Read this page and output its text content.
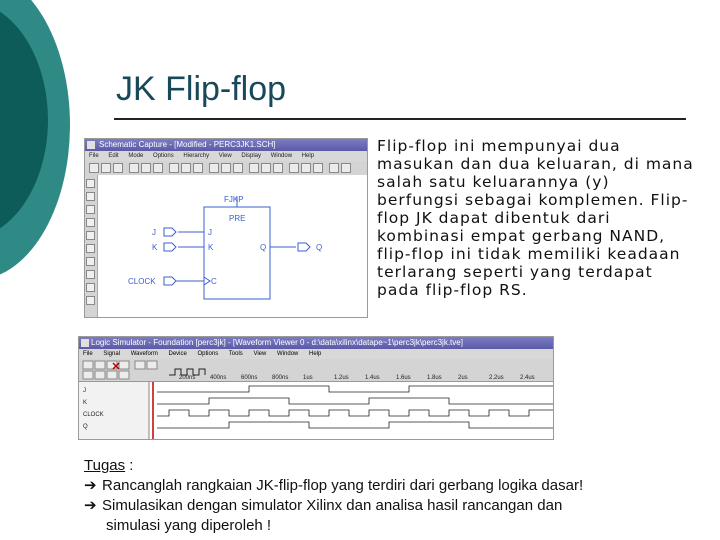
JK Flip-flop
Schematic Capture - [Modified - PERC3JK1.SCH]
File Edit Mode Options Hierarchy View Display Window Help
FJKP
PRE
J
K
C
Q
J
K
CLOCK
Q

Flip-flop ini mempunyai dua masukan dan dua keluaran, di mana salah satu keluarannya (y) berfungsi sebagai komplemen. Flip-flop JK dapat dibentuk dari kombinasi empat gerbang NAND, flip-flop ini tidak memiliki keadaan terlarang seperti yang terdapat pada flip-flop RS.

Logic Simulator - Foundation [perc3jk] - [Waveform Viewer 0 - d:\data\xilinx\datape~1\perc3jk\perc3jk.tve]
File Signal Waveform Device Options Tools View Window Help
200ns 400ns 600ns 800ns 1us	1.2us	1.4us	1.6us	1.8us	2us	2.2us	2.4us
J
K
CLOCK
Q
Tugas :
➔ Rancanglah rangkaian JK-flip-flop yang terdiri dari gerbang logika dasar!
➔ Simulasikan dengan simulator Xilinx dan analisa hasil rancangan dan
simulasi yang diperoleh !
